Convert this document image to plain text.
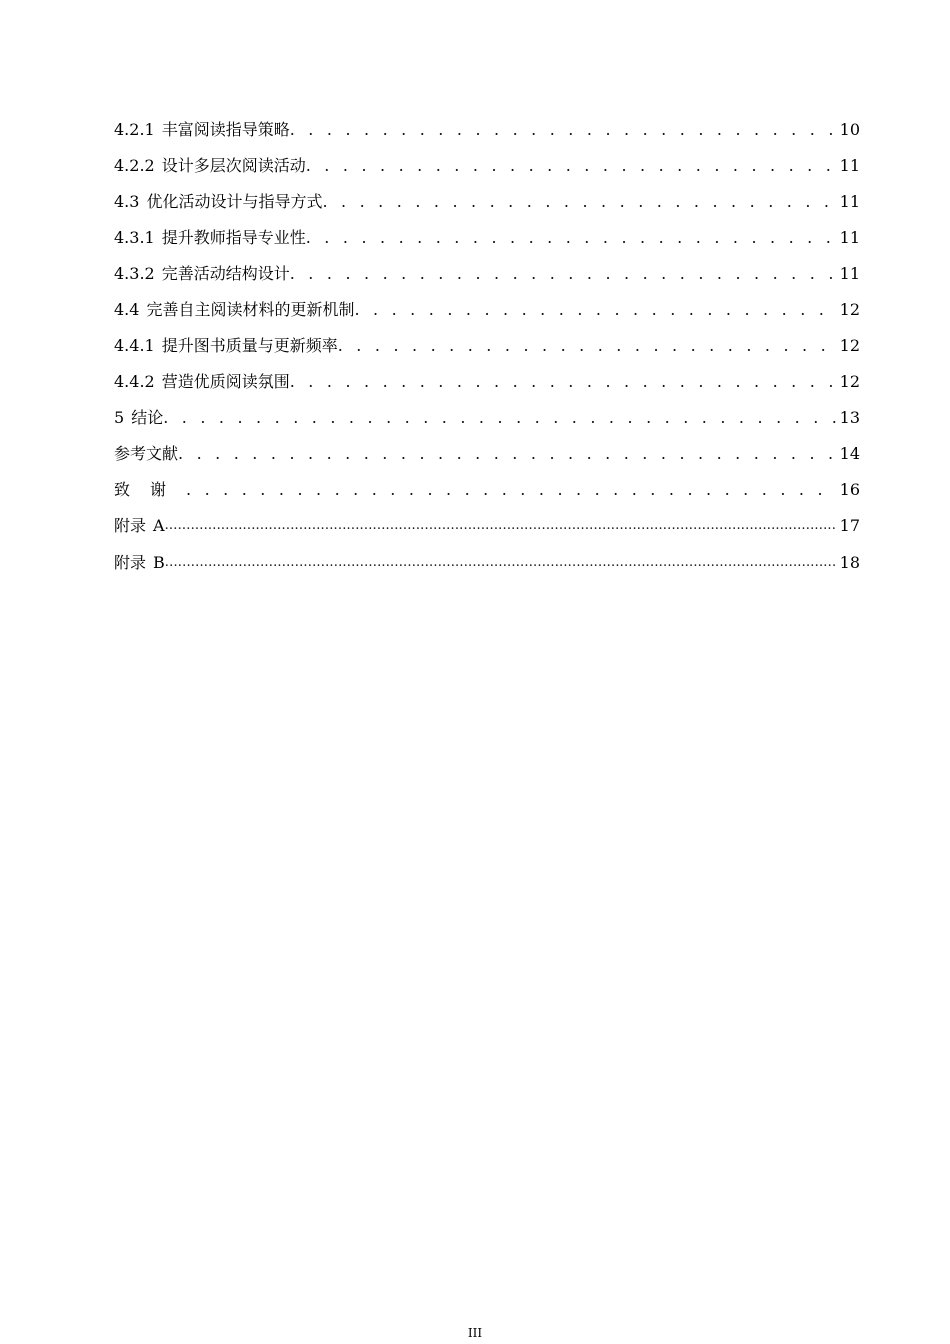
4.2.1 丰富阅读指导策略 . . .	10
4.2.2 设计多层次阅读活动 . . .	11
4.3 优化活动设计与指导方式 . . .	11
4.3.1 提升教师指导专业性 . . .	11
4.3.2 完善活动结构设计 . . .	11
4.4 完善自主阅读材料的更新机制 . . .	12
4.4.1 提升图书质量与更新频率 . . .	12
4.4.2 营造优质阅读氛围 . . .	12
5 结论 . . .	13
参考文献 . . .	14
致谢 . . .	16
附录 A .....	17
附录 B .....	18
III
